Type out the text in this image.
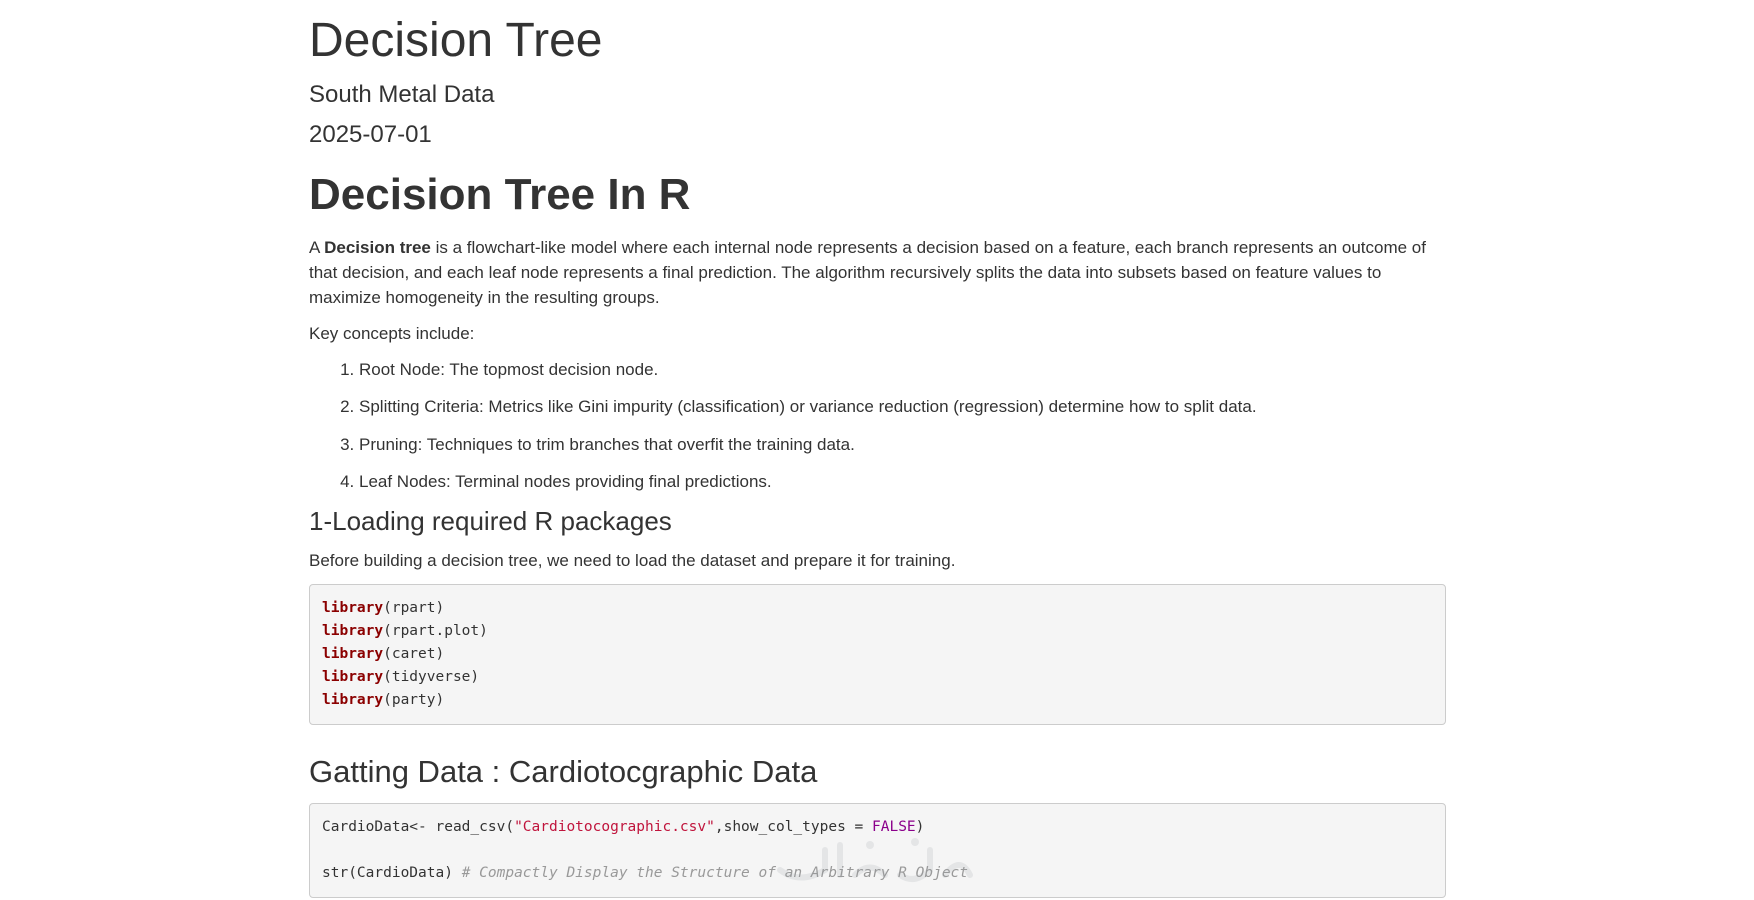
Decision Tree
South Metal Data
2025-07-01
Decision Tree In R

A Decision tree is a flowchart-like model where each internal node represents a decision based on a feature, each branch represents an outcome of that decision, and each leaf node represents a final prediction. The algorithm recursively splits the data into subsets based on feature values to maximize homogeneity in the resulting groups.

Key concepts include:

1. Root Node: The topmost decision node.
2. Splitting Criteria: Metrics like Gini impurity (classification) or variance reduction (regression) determine how to split data.
3. Pruning: Techniques to trim branches that overfit the training data.
4. Leaf Nodes: Terminal nodes providing final predictions.
1-Loading required R packages

Before building a decision tree, we need to load the dataset and prepare it for training.

library(rpart)
library(rpart.plot)
library(caret)
library(tidyverse)
library(party)
Gatting Data : Cardiotocgraphic Data
CardioData<- read_csv("Cardiotocographic.csv",show_col_types = FALSE)

str(CardioData) # Compactly Display the Structure of an Arbitrary R Object
